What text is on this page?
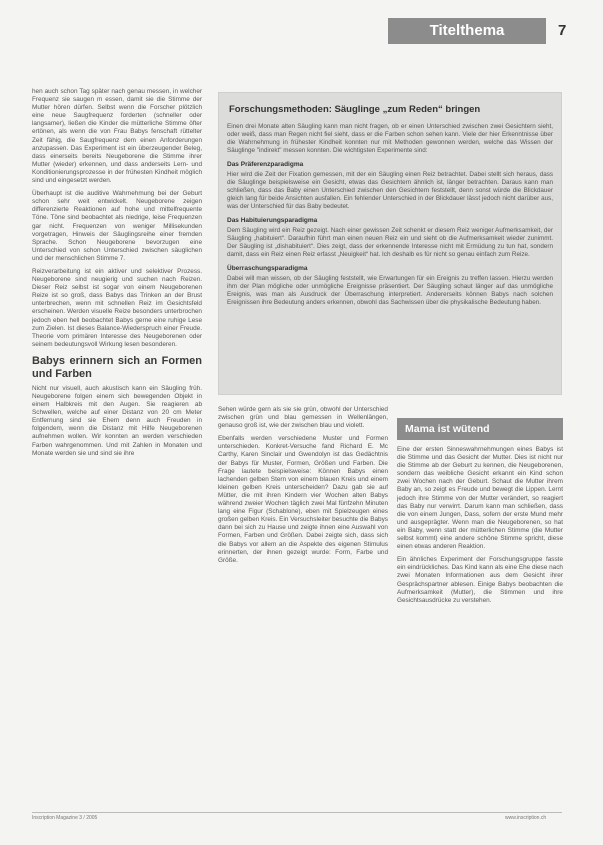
Titelthema	7

hen auch schon Tag später nach genau messen, in welcher Frequenz sie saugen m essen, damit sie die Stimme der Mutter hören dürfen. Selbst wenn die Forscher plötzlich eine neue Saugfrequenz forderten (schneller oder langsamer), ließen die Kinder die mütterliche Stimme öfter ertönen, als wenn die von Frau Babys fenschaft rüttelter Zeit fähig, die Saugfrequenz dem einen Anforderungen anzupassen. Das Experiment ist ein überzeugender Beleg, dass einerseits bereits Neugeborene die Stimme ihrer Mutter (wieder) erkennen, und dass anderseits Lern- und Konditionierungsprozesse in der frühesten Kindheit möglich sind und eingesetzt werden.

Überhaupt ist die auditive Wahrnehmung bei der Geburt schon sehr weit entwickelt. Neugeborene zeigen differenzierte Reaktionen auf hohe und mittelfrequente Töne. Töne sind beobachtet als niedrige, leise Frequenzen gar nicht. Frequenzen von weniger Millisekunden vorgetragen, Hinweis der Säuglingsreihe einer fremden Sprache. Schon Neugeborene bevorzugen eine Unterschied von schon Unterschied zwischen säuglichen und der menschlichen Stimme 7.

Reizverarbeitung ist ein aktiver und selektiver Prozess. Neugeborene sind neugierig und suchen nach Reizen. Dieser Reiz selbst ist sogar von einem Neugeborenen Reize ist so groß, dass Babys das Trinken an der Brust unterbrechen, wenn mit schnellen Reiz im Gesichtsfeld erscheinen. Werden visuelle Reize besonders unterbrochen jedoch eben hell beobachtet Babys gerne eine ruhige Lese zum Zielen. Ist dieses Balance-Wiederspruch einer Freude. Theorie vom primären Interesse des Neugeborenen oder seinem bedeutungsvoll Wirkung lesen besonderen.

Babys erinnern sich an Formen und Farben

Nicht nur visuell, auch akustisch kann ein Säugling früh. Neugeborene folgen einem sich bewegenden Objekt in einem Halbkreis mit den Augen. Sie reagieren ab Schwellen, welche auf einer Distanz von 20 cm Meter Entfernung sind sie Ehern denn auch Freuden in folgendem, wenn die Distanz mit Hilfe Neugeborenen aufnehmen wollen. Wir konnten an werden verschieden Farben wahrgenommen. Und mit Zahlen in Monaten und Monate werden sie und sind sie ihre

Forschungsmethoden: Säuglinge „zum Reden“ bringen

Einen drei Monate alten Säugling kann man nicht fragen, ob er einen Unterschied zwischen zwei Gesichtern sieht, oder weiß, dass man Regen nicht fiel sieht, dass er die Farben schon sehen kann. Viele der hier Erkenntnisse über die Wahrnehmung in frühester Kindheit konnten nur mit Methoden gewonnen werden, welche das Wissen der Säuglinge "indirekt" messen konnten. Die wichtigsten Experimente sind:

Das Präferenzparadigma

Hier wird die Zeit der Fixation gemessen, mit der ein Säugling einen Reiz betrachtet. Dabei stellt sich heraus, dass die Säuglinge beispielsweise ein Gesicht, etwas das Gesichtern ähnlich ist, länger betrachten. Daraus kann man schließen, dass das Baby einen Unterschied zwischen den Gesichtern feststellt, denn sonst würde die Blickdauer gleich lang für beide Ansichten ausfallen. Ein fehlender Unterschied in der Blickdauer lässt jedoch nicht darüber aus, was der Unterschied für das Baby bedeutet.

Das Habituierungsparadigma

Dem Säugling wird ein Reiz gezeigt. Nach einer gewissen Zeit schenkt er diesem Reiz weniger Aufmerksamkeit, der Säugling „habituiert“. Daraufhin führt man einen neuen Reiz ein und sieht ob die Aufmerksamkeit wieder zunimmt. Der Säugling ist „dishabituiert“. Dies zeigt, dass der erkennende Interesse nicht mit Ermüdung zu tun hat, sondern damit, dass ein Reiz einen Reiz erfasst „Neuigkeit“ hat. Ich deshalb es für nicht so genau einfach zum Reize.

Überraschungsparadigma

Dabei will man wissen, ob der Säugling feststellt, wie Erwartungen für ein Ereignis zu treffen lassen. Hierzu werden ihm der Plan mögliche oder unmögliche Ereignisse präsentiert. Der Säugling schaut länger auf das unmögliche Ereignis, was man als Ausdruck der Überraschung interpretiert. Andererseits können Babys nach solchen Ereignissen ihre Bedeutung anders erkennen, obwohl das Sachwissen über die physikalische Bedeutung haben.

Sehen würde gern als sie sie grün, obwohl der Unterschied zwischen grün und blau gemessen in Wellenlängen, genauso groß ist, wie der zwischen blau und violett.

Ebenfalls werden verschiedene Muster und Formen unterschieden. Konkret-Versuche fand Richard E. Mc Carthy, Karen Sinclair und Gwendolyn ist das Gedächtnis der Babys für Muster, Formen, Größen und Farben. Die Frage lautete beispielsweise: Können Babys einen lachenden gelben Stern von einem blauen Kreis und einem kleinen gelben Kreis unterscheiden? Dazu gab sie auf Mütter, die mit ihren Kindern vier Wochen alten Babys während zweier Wochen täglich zwei Mal fünfzehn Minuten lang eine Figur (Schablone), eben mit Spielzeugen eines großen gelben Kreis. Ein Versuchsleiter besuchte die Babys dann bei sich zu Hause und zeigte ihnen eine Auswahl von Formen, Farben und Größen. Dabei zeigte sich, dass sich die Babys vor allem an die Aspekte des eigenen Stimulus erinnerten, der ihnen gezeigt wurde: Form, Farbe und Größe.

Mama ist wütend

Eine der ersten Sinneswahrnehmungen eines Babys ist die Stimme und das Gesicht der Mutter. Dies ist nicht nur die Stimme ab der Geburt zu kennen, die Neugeborenen, sondern das weibliche Gesicht erkannt ein Kind schon zwei Wochen nach der Geburt. Schaut die Mutter ihrem Baby an, so zeigt es Freude und bewegt die Lippen. Lernt jedoch ihre Stimme von der Mutter verändert, so reagiert das Baby nur verwirrt. Darum kann man schließen, dass die von einem Jungen, Dass, sofern der erste Mund mehr und ausgeprägter. Wenn man die Neugeborenen, so hat ein Baby, wenn statt der mütterlichen Stimme (die Mutter selbst kommt) eine andere schöne Stimme spricht, diese einen etwas anderen Reaktion.

Ein ähnliches Experiment der Forschungsgruppe fasste ein eindrückliches. Das Kind kann als eine Ehe diese nach zwei Monaten Informationen aus dem Gesicht ihrer Gesprächspartner ablesen. Einige Babys beobachten die Aufmerksamkeit (Mutter), die Stimmen und ihre Gesichtsausdrücke zu verstehen.

Inscription Magazine 3 / 2005	www.inscription.ch
